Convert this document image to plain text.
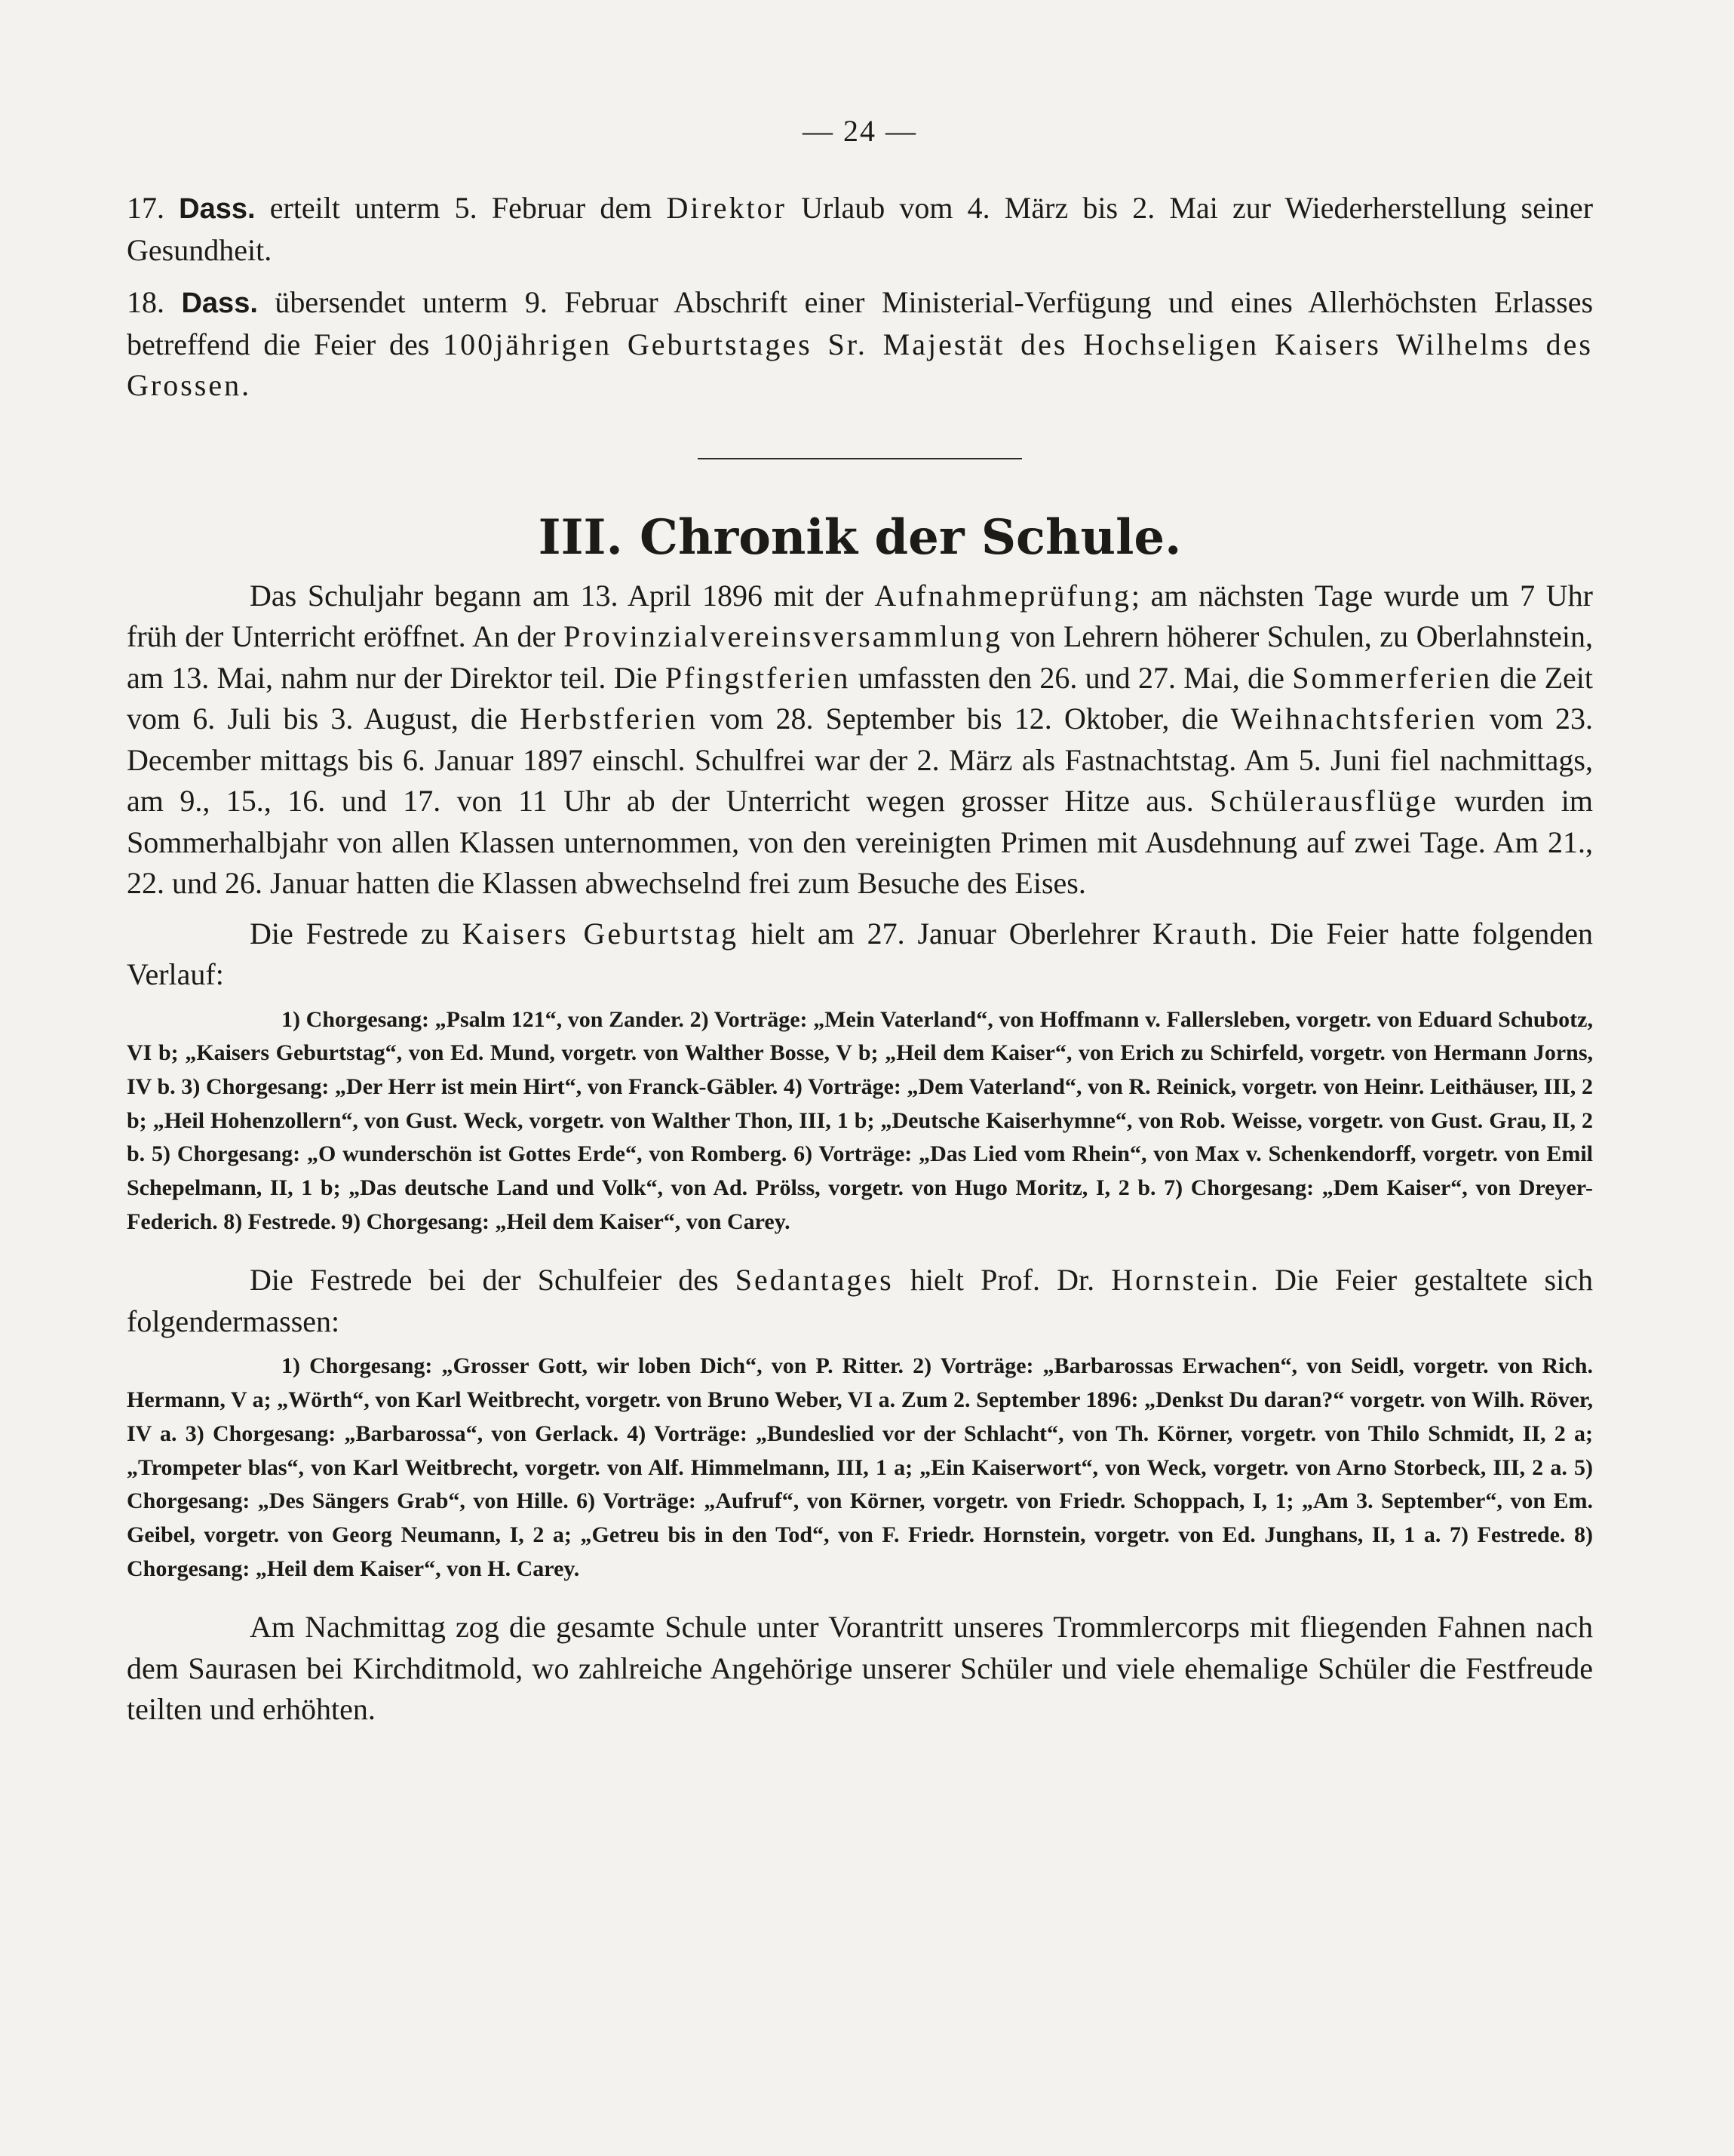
— 24 —

17. Dass. erteilt unterm 5. Februar dem Direktor Urlaub vom 4. März bis 2. Mai zur Wiederherstellung seiner Gesundheit.

18. Dass. übersendet unterm 9. Februar Abschrift einer Ministerial-Verfügung und eines Allerhöchsten Erlasses betreffend die Feier des 100jährigen Geburtstages Sr. Majestät des Hochseligen Kaisers Wilhelms des Grossen.

III. Chronik der Schule.

Das Schuljahr begann am 13. April 1896 mit der Aufnahmeprüfung; am nächsten Tage wurde um 7 Uhr früh der Unterricht eröffnet. An der Provinzialvereinsversammlung von Lehrern höherer Schulen, zu Oberlahnstein, am 13. Mai, nahm nur der Direktor teil. Die Pfingstferien umfassten den 26. und 27. Mai, die Sommerferien die Zeit vom 6. Juli bis 3. August, die Herbstferien vom 28. September bis 12. Oktober, die Weihnachtsferien vom 23. December mittags bis 6. Januar 1897 einschl. Schulfrei war der 2. März als Fastnachtstag. Am 5. Juni fiel nachmittags, am 9., 15., 16. und 17. von 11 Uhr ab der Unterricht wegen grosser Hitze aus. Schülerausflüge wurden im Sommerhalbjahr von allen Klassen unternommen, von den vereinigten Primen mit Ausdehnung auf zwei Tage. Am 21., 22. und 26. Januar hatten die Klassen abwechselnd frei zum Besuche des Eises.

Die Festrede zu Kaisers Geburtstag hielt am 27. Januar Oberlehrer Krauth. Die Feier hatte folgenden Verlauf:

1) Chorgesang: „Psalm 121“, von Zander. 2) Vorträge: „Mein Vaterland“, von Hoffmann v. Fallersleben, vorgetr. von Eduard Schubotz, VI b; „Kaisers Geburtstag“, von Ed. Mund, vorgetr. von Walther Bosse, V b; „Heil dem Kaiser“, von Erich zu Schirfeld, vorgetr. von Hermann Jorns, IV b. 3) Chorgesang: „Der Herr ist mein Hirt“, von Franck-Gäbler. 4) Vorträge: „Dem Vaterland“, von R. Reinick, vorgetr. von Heinr. Leithäuser, III, 2 b; „Heil Hohenzollern“, von Gust. Weck, vorgetr. von Walther Thon, III, 1 b; „Deutsche Kaiserhymne“, von Rob. Weisse, vorgetr. von Gust. Grau, II, 2 b. 5) Chorgesang: „O wunderschön ist Gottes Erde“, von Romberg. 6) Vorträge: „Das Lied vom Rhein“, von Max v. Schenkendorff, vorgetr. von Emil Schepelmann, II, 1 b; „Das deutsche Land und Volk“, von Ad. Prölss, vorgetr. von Hugo Moritz, I, 2 b. 7) Chorgesang: „Dem Kaiser“, von Dreyer-Federich. 8) Festrede. 9) Chorgesang: „Heil dem Kaiser“, von Carey.

Die Festrede bei der Schulfeier des Sedantages hielt Prof. Dr. Hornstein. Die Feier gestaltete sich folgendermassen:

1) Chorgesang: „Grosser Gott, wir loben Dich“, von P. Ritter. 2) Vorträge: „Barbarossas Erwachen“, von Seidl, vorgetr. von Rich. Hermann, V a; „Wörth“, von Karl Weitbrecht, vorgetr. von Bruno Weber, VI a. Zum 2. September 1896: „Denkst Du daran?“ vorgetr. von Wilh. Röver, IV a. 3) Chorgesang: „Barbarossa“, von Gerlack. 4) Vorträge: „Bundeslied vor der Schlacht“, von Th. Körner, vorgetr. von Thilo Schmidt, II, 2 a; „Trompeter blas“, von Karl Weitbrecht, vorgetr. von Alf. Himmelmann, III, 1 a; „Ein Kaiserwort“, von Weck, vorgetr. von Arno Storbeck, III, 2 a. 5) Chorgesang: „Des Sängers Grab“, von Hille. 6) Vorträge: „Aufruf“, von Körner, vorgetr. von Friedr. Schoppach, I, 1; „Am 3. September“, von Em. Geibel, vorgetr. von Georg Neumann, I, 2 a; „Getreu bis in den Tod“, von F. Friedr. Hornstein, vorgetr. von Ed. Junghans, II, 1 a. 7) Festrede. 8) Chorgesang: „Heil dem Kaiser“, von H. Carey.

Am Nachmittag zog die gesamte Schule unter Vorantritt unseres Trommlercorps mit fliegenden Fahnen nach dem Saurasen bei Kirchditmold, wo zahlreiche Angehörige unserer Schüler und viele ehemalige Schüler die Festfreude teilten und erhöhten.
